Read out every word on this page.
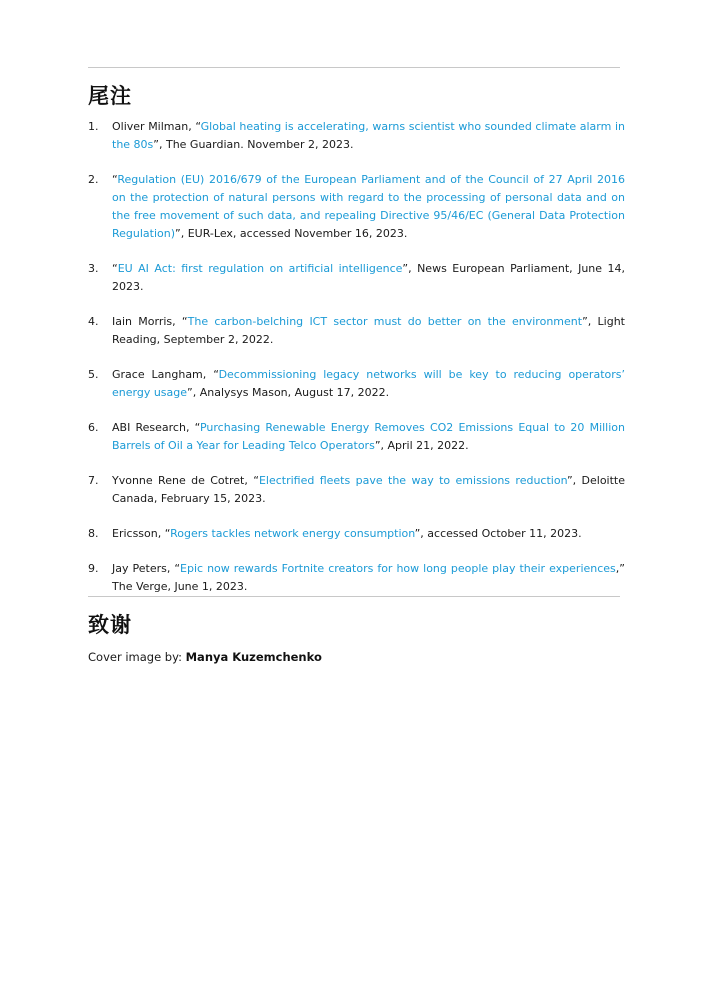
尾注
1.	Oliver Milman, “Global heating is accelerating, warns scientist who sounded climate alarm in the 80s”, The Guardian. November 2, 2023.
2.	“Regulation (EU) 2016/679 of the European Parliament and of the Council of 27 April 2016 on the protection of natural persons with regard to the processing of personal data and on the free movement of such data, and repealing Directive 95/46/EC (General Data Protection Regulation)”, EUR-Lex, accessed November 16, 2023.
3.	“EU AI Act: first regulation on artificial intelligence”, News European Parliament, June 14, 2023.
4.	Iain Morris, “The carbon-belching ICT sector must do better on the environment”, Light Reading, September 2, 2022.
5.	Grace Langham, “Decommissioning legacy networks will be key to reducing operators’ energy usage”, Analysys Mason, August 17, 2022.
6.	ABI Research, “Purchasing Renewable Energy Removes CO2 Emissions Equal to 20 Million Barrels of Oil a Year for Leading Telco Operators”, April 21, 2022.
7.	Yvonne Rene de Cotret, “Electrified fleets pave the way to emissions reduction”, Deloitte Canada, February 15, 2023.
8.	Ericsson, “Rogers tackles network energy consumption”, accessed October 11, 2023.
9.	Jay Peters, “Epic now rewards Fortnite creators for how long people play their experiences,” The Verge, June 1, 2023.
致谢

Cover image by: Manya Kuzemchenko
